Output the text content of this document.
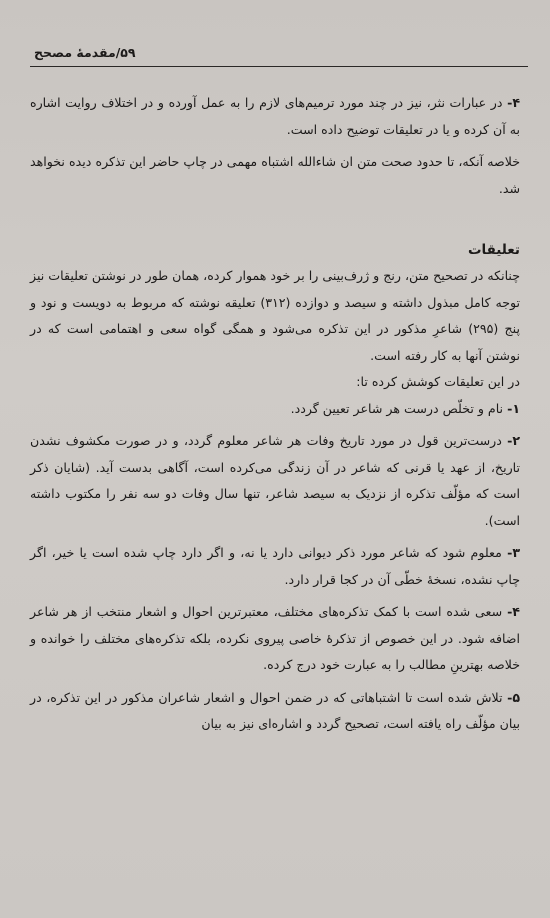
۵۹/مقدمهٔ مصحح

۴- در عبارات نثر، نیز در چند مورد ترمیم‌های لازم را به عمل آورده و در اختلاف روایت اشاره به آن کرده و یا در تعلیقات توضیح داده است.

خلاصه آنکه، تا حدود صحت متن ان شاءالله اشتباه مهمی در چاپ حاضر این تذکره دیده نخواهد شد.

تعلیقات

چنانکه در تصحیح متن، رنج و ژرف‌بینی را بر خود هموار کرده، همان طور در نوشتن تعلیقات نیز توجه کامل مبذول داشته و سیصد و دوازده (۳۱۲) تعلیقه نوشته که مربوط به دویست و نود و پنج (۲۹۵) شاعرِ مذکور در این تذکره می‌شود و همگی گواه سعی و اهتمامی است که در نوشتن آنها به کار رفته است.

در این تعلیقات کوشش کرده تا:

۱- نام و تخلّص درست هر شاعر تعیین گردد.

۲- درست‌ترین قول در مورد تاریخ وفات هر شاعر معلوم گردد، و در صورت مکشوف نشدن تاریخ، از عهد یا قرنی که شاعر در آن زندگی می‌کرده است، آگاهی بدست آید. (شایان ذکر است که مؤلّف تذکره از نزدیک به سیصد شاعر، تنها سال وفات دو سه نفر را مکتوب داشته است).

۳- معلوم شود که شاعر مورد ذکر دیوانی دارد یا نه، و اگر دارد چاپ شده است یا خیر، اگر چاپ نشده، نسخهٔ خطّی آن در کجا قرار دارد.

۴- سعی شده است با کمک تذکره‌های مختلف، معتبرترین احوال و اشعار منتخب از هر شاعر اضافه شود. در این خصوص از تذکرهٔ خاصی پیروی نکرده، بلکه تذکره‌های مختلف را خوانده و خلاصه بهترینِ مطالب را به عبارت خود درج کرده.

۵- تلاش شده است تا اشتباهاتی که در ضمن احوال و اشعار شاعران مذکور در این تذکره، در بیان مؤلّف راه یافته است، تصحیح گردد و اشاره‌ای نیز به بیان
